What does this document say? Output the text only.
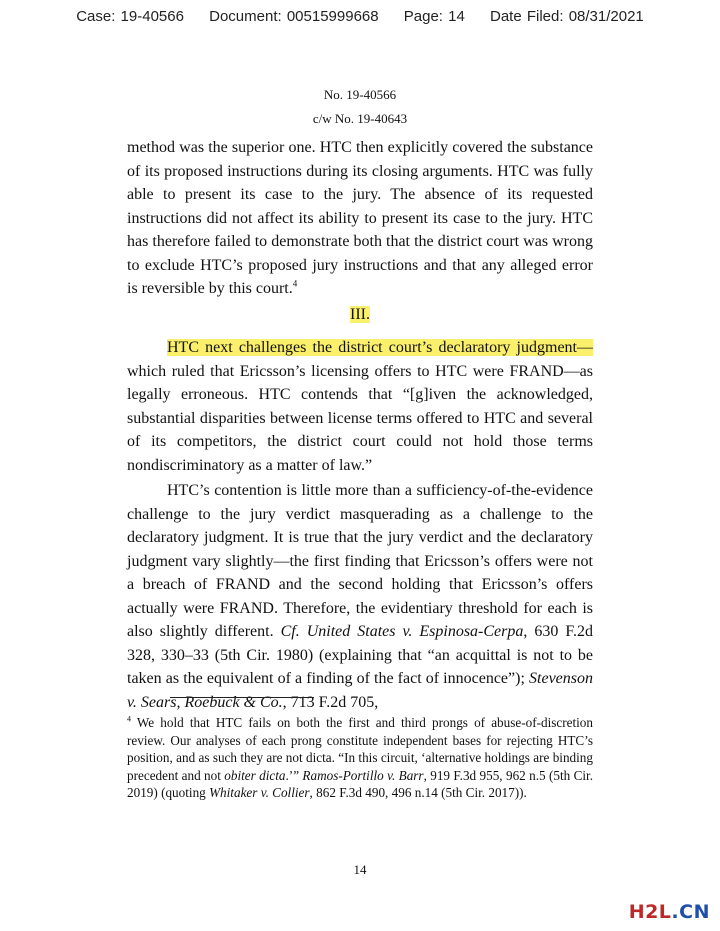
Case: 19-40566 Document: 00515999668 Page: 14 Date Filed: 08/31/2021
No. 19-40566
c/w No. 19-40643

method was the superior one. HTC then explicitly covered the substance of its proposed instructions during its closing arguments. HTC was fully able to present its case to the jury. The absence of its requested instructions did not affect its ability to present its case to the jury. HTC has therefore failed to demonstrate both that the district court was wrong to exclude HTC’s proposed jury instructions and that any alleged error is reversible by this court.$^4$

III.

HTC next challenges the district court’s declaratory judgment—which ruled that Ericsson’s licensing offers to HTC were FRAND—as legally erroneous. HTC contends that “[g]iven the acknowledged, substantial disparities between license terms offered to HTC and several of its competitors, the district court could not hold those terms nondiscriminatory as a matter of law.”

HTC’s contention is little more than a sufficiency-of-the-evidence challenge to the jury verdict masquerading as a challenge to the declaratory judgment. It is true that the jury verdict and the declaratory judgment vary slightly—the first finding that Ericsson’s offers were not a breach of FRAND and the second holding that Ericsson’s offers actually were FRAND. Therefore, the evidentiary threshold for each is also slightly different. Cf. United States v. Espinosa-Cerpa, 630 F.2d 328, 330–33 (5th Cir. 1980) (explaining that “an acquittal is not to be taken as the equivalent of a finding of the fact of innocence”); Stevenson v. Sears, Roebuck & Co., 713 F.2d 705,

$^4$ We hold that HTC fails on both the first and third prongs of abuse-of-discretion review. Our analyses of each prong constitute independent bases for rejecting HTC’s position, and as such they are not dicta. “In this circuit, ‘alternative holdings are binding precedent and not obiter dicta.’” Ramos-Portillo v. Barr, 919 F.3d 955, 962 n.5 (5th Cir. 2019) (quoting Whitaker v. Collier, 862 F.3d 490, 496 n.14 (5th Cir. 2017)).
14
H2L.CN
